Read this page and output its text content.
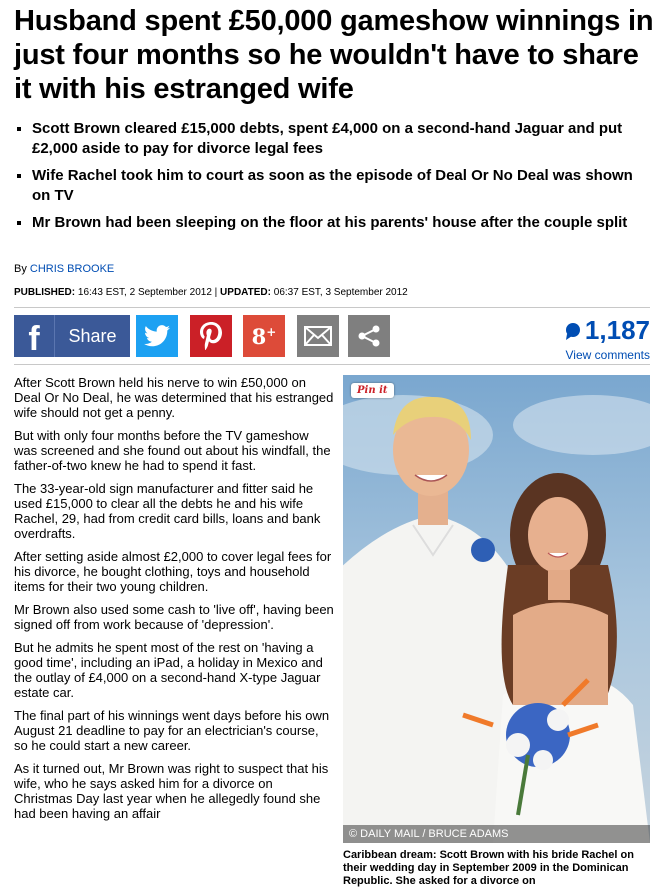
Husband spent £50,000 gameshow winnings in just four months so he wouldn't have to share it with his estranged wife
Scott Brown cleared £15,000 debts, spent £4,000 on a second-hand Jaguar and put £2,000 aside to pay for divorce legal fees
Wife Rachel took him to court as soon as the episode of Deal Or No Deal was shown on TV
Mr Brown had been sleeping on the floor at his parents' house after the couple split
By CHRIS BROOKE
PUBLISHED: 16:43 EST, 2 September 2012 | UPDATED: 06:37 EST, 3 September 2012
f	Share	8+	1,187
View comments

After Scott Brown held his nerve to win £50,000 on Deal Or No Deal, he was determined that his estranged wife should not get a penny.

But with only four months before the TV gameshow was screened and she found out about his windfall, the father-of-two knew he had to spend it fast.

The 33-year-old sign manufacturer and fitter said he used £15,000 to clear all the debts he and his wife Rachel, 29, had from credit card bills, loans and bank overdrafts.

After setting aside almost £2,000 to cover legal fees for his divorce, he bought clothing, toys and household items for their two young children.

Mr Brown also used some cash to 'live off', having been signed off from work because of 'depression'.

But he admits he spent most of the rest on 'having a good time', including an iPad, a holiday in Mexico and the outlay of £4,000 on a second-hand X-type Jaguar estate car.

The final part of his winnings went days before his own August 21 deadline to pay for an electrician's course, so he could start a new career.

As it turned out, Mr Brown was right to suspect that his wife, who he says asked him for a divorce on Christmas Day last year when he allegedly found she had been having an affair

Pin it
© DAILY MAIL / BRUCE ADAMS
Caribbean dream: Scott Brown with his bride Rachel on their wedding day in September 2009 in the Dominican Republic. She asked for a divorce on
